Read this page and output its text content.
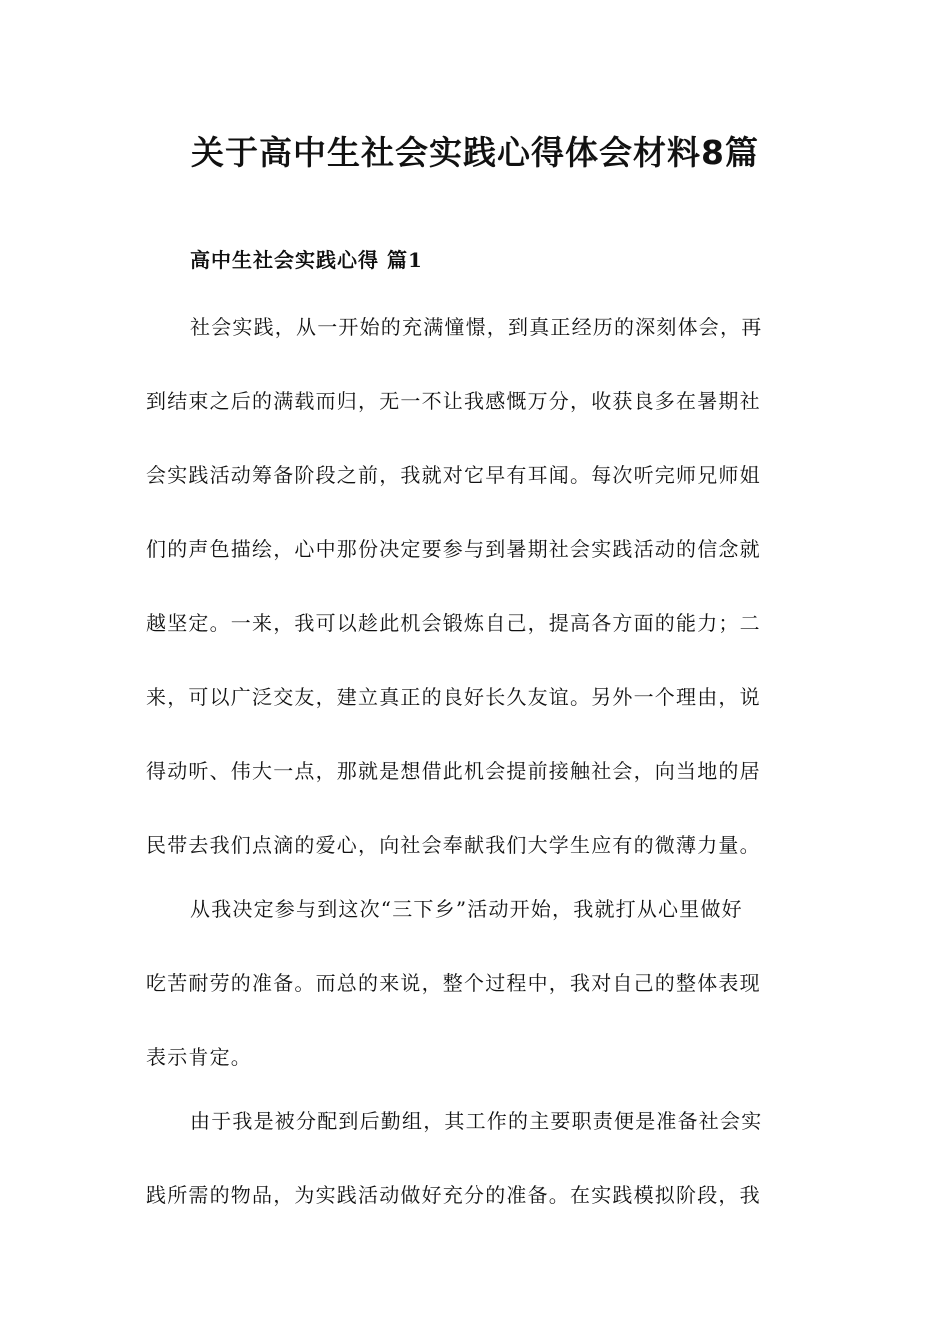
关于高中生社会实践心得体会材料8篇
高中生社会实践心得 篇1
社会实践，从一开始的充满憧憬，到真正经历的深刻体会，再
到结束之后的满载而归，无一不让我感慨万分，收获良多在暑期社
会实践活动筹备阶段之前，我就对它早有耳闻。每次听完师兄师姐
们的声色描绘，心中那份决定要参与到暑期社会实践活动的信念就
越坚定。一来，我可以趁此机会锻炼自己，提高各方面的能力；二
来，可以广泛交友，建立真正的良好长久友谊。另外一个理由，说
得动听、伟大一点，那就是想借此机会提前接触社会，向当地的居
民带去我们点滴的爱心，向社会奉献我们大学生应有的微薄力量。
从我决定参与到这次“三下乡”活动开始，我就打从心里做好
吃苦耐劳的准备。而总的来说，整个过程中，我对自己的整体表现
表示肯定。
由于我是被分配到后勤组，其工作的主要职责便是准备社会实
践所需的物品，为实践活动做好充分的准备。在实践模拟阶段，我
